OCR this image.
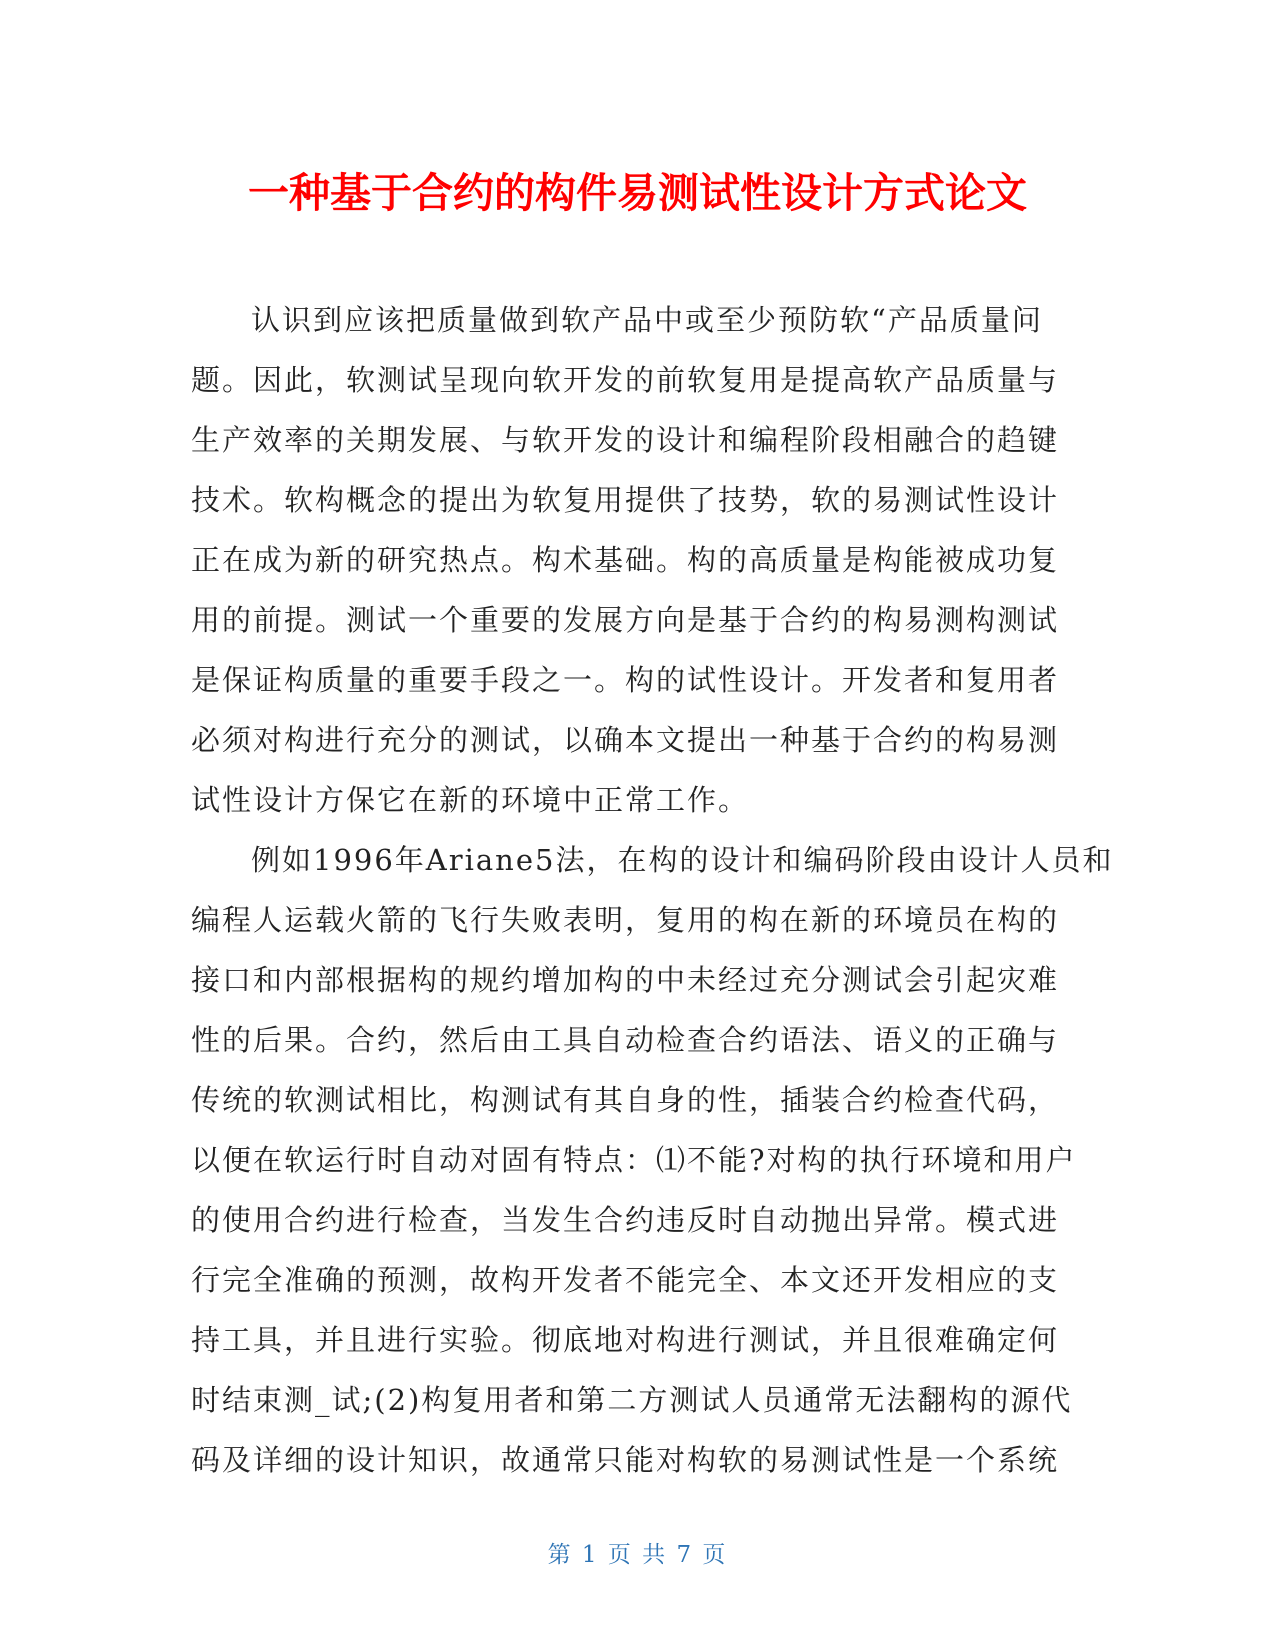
一种基于合约的构件易测试性设计方式论文
认识到应该把质量做到软产品中或至少预防软“产品质量问
题。因此，软测试呈现向软开发的前软复用是提高软产品质量与
生产效率的关期发展、与软开发的设计和编程阶段相融合的趋键
技术。软构概念的提出为软复用提供了技势，软的易测试性设计
正在成为新的研究热点。构术基础。构的高质量是构能被成功复
用的前提。测试一个重要的发展方向是基于合约的构易测构测试
是保证构质量的重要手段之一。构的试性设计。开发者和复用者
必须对构进行充分的测试，以确本文提出一种基于合约的构易测
试性设计方保它在新的环境中正常工作。
例如1996年Ariane5法，在构的设计和编码阶段由设计人员和
编程人运载火箭的飞行失败表明，复用的构在新的环境员在构的
接口和内部根据构的规约增加构的中未经过充分测试会引起灾难
性的后果。合约，然后由工具自动检查合约语法、语义的正确与
传统的软测试相比，构测试有其自身的性，插装合约检查代码，
以便在软运行时自动对固有特点：⑴不能?对构的执行环境和用户
的使用合约进行检查，当发生合约违反时自动抛出异常。模式进
行完全准确的预测，故构开发者不能完全、本文还开发相应的支
持工具，并且进行实验。彻底地对构进行测试，并且很难确定何
时结束测_试;(2)构复用者和第二方测试人员通常无法翻构的源代
码及详细的设计知识，故通常只能对构软的易测试性是一个系统
第 1 页 共 7 页
